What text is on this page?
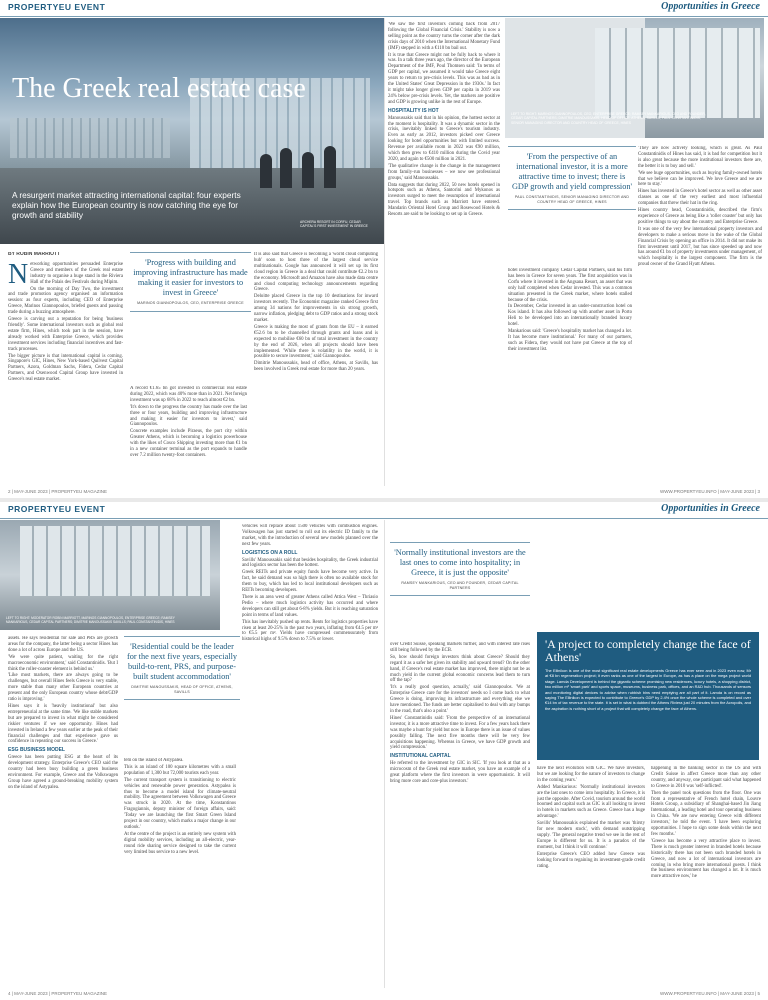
PROPERTYEU EVENT	Opportunities in Greece
The Greek real estate case
A resurgent market attracting international capital: four experts explain how the European country is now catching the eye for growth and stability
ARCHERA RESORT IN CORFU, CEDAR CAPITAL'S FIRST INVESTMENT IN GREECE
BY ROBIN MARRIOTT

Networking opportunities persuaded Enterprise Greece and members of the Greek real estate industry to organise a huge stand in the Riviera Hall of the Palais des Festivals during Mipim.

On the morning of Day Two, the investment and trade promotion agency organised an information session: as four experts, including CEO of Enterprise Greece, Marinos Giannopoulos, briefed guests and passing trade during a buzzing atmosphere.

Greece is carving out a reputation for being 'business friendly'. Some international investors such as global real estate firm, Hines, which took part in the session, have already worked with Enterprise Greece, which provides investment services including financial incentives and fast-track processes.

The bigger picture is that international capital is coming. Singapore's GIC, Hines, New York-based Quilvest Capital Partners, Azora, Goldman Sachs, Fidera, Cedar Capital Partners, and Oxenwood Capital Group have invested in Greece's real estate market.

'Progress with building and improving infrastructure has made making it easier for investors to invest in Greece'
MARINOS GIANNOPOULOS, CEO, ENTERPRISE GREECE

A record €1.65 bn got invested in commercial real estate during 2022, which was 40% more than in 2021. Net foreign investment was up 68% in 2022 to reach almost €2 bn.

'It's down to the progress the country has made over the last three or four years, building and improving infrastructure and making it easier for investors to invest,' said Giannopoulos.

Concrete examples include Piraeus, the port city within Greater Athens, which is becoming a logistics powerhouse with the likes of Cosco Shipping investing more than €1 bn in a new container terminal as the port expands to handle over 7.2 million twenty-foot containers.

It is also said that Greece is becoming a 'world cloud computing hub' soon to host three of the largest cloud service multinationals. Google has announced it will set up its first cloud region in Greece in a deal that could contribute €2.2 bn to the economy. Microsoft and Amazon have also made data centre and cloud computing technology announcements regarding Greece.

Deloitte placed Greece in the top 10 destinations for inward investors recently. The Economist magazine ranked Greece first among 34 nations for improvements in six strong growth, narrow inflation, pledging debt to GDP ratios and a strong stock market.

Greece is making the most of grants from the EU – it earned €52.6 bn to be channelled through grants and loans and is expected to mobilise €60 bn of total investment in the country by the end of 2026, when all projects should have been implemented. 'While there is volatility in the world, it is possible to secure investment,' said Giannopoulos.

Dimitrie Manoussakis, head of office, Athens, at Savills, has been involved in Greek real estate for more than 20 years.

LEFT TO RIGHT: MARINOS GIANNOPOULOS, CEO, ENTERPRISE GREECE; RAMSEY MANKARIOUS, CEO AND FOUNDER, CEDAR CAPITAL PARTNERS; DIMITRIE MANOUSSAKIS, HEAD OF OFFICE, ATHENS, SAVILLS; PAUL CONSTANTINIDIS, SENIOR MANAGING DIRECTOR AND COUNTRY HEAD OF GREECE, HINES

'We saw the first investors coming back from 2017 following the Global Financial Crisis.' Stability is now a selling point as the country turns the corner after the dark crisis days of 2010 when the International Monetary Fund (IMF) stepped in with a €110 bn bail out.

It is true that Greece might not be fully back to where it was. In a talk three years ago, the director of the European Department of the IMF, Poul Thomsen said: 'In terms of GDP per capital, we assumed it would take Greece eight years to return to pre-crisis levels. This was as bad as in the United States' Great Depression in the 1930s.' In fact it might take longer given GDP per capita in 2019 was 24% below pre-crisis levels. Yet, the markers are positive and GDP is growing unlike in the rest of Europe.

HOSPITALITY IS HOT

Manoussakis said that in his opinion, the hottest sector at the moment is hospitality. It was a dynamic sector in the crisis, inevitably linked to Greece's tourism industry. Even as early as 2012, investors picked over Greece looking for hotel opportunities but with limited success. Revenue per available room in 2022 was €90 million, which then grew to €410 million during the Covid year 2020, and again to €500 million in 2021.

'The qualitative change is the change in the management from family-run businesses – we now see professional groups,' said Manoussakis.

Data suggests that during 2022, 50 new hotels opened in hotspots such as Athens, Santorini and Mykonos as investors surged to meet the resumption of international travel. Top brands such as Marriott have entered. Mandarin Oriental Hotel Group and Rosewood Hotels & Resorts are said to be looking to set up in Greece.

'From the perspective of an international investor, it is a more attractive time to invest; there is GDP growth and yield compression'
PAUL CONSTANTINIDIS, SENIOR MANAGING DIRECTOR AND COUNTRY HEAD OF GREECE, HINES

hotel investment company Cedar Capital Partners, said his firm has been in Greece for seven years. The first acquisition was in Corfu where it invested in the Angsana Resort, an asset that was only half completed when Cedar invested. This was a common situation presented in the Greek market, where hotels stalled because of the crisis.

In December, Cedar invested in an under-construction hotel on Kos island. It has also followed up with another asset in Porto Heli to be developed into an internationally branded luxury hotel.

Mankarious said: 'Greece's hospitality market has changed a lot. It has become more institutional.' For many of our partners, such as Fidera, they would not have put Greece at the top of their investment list.

'They are now actively looking, which is great. As Paul Constantinidis of Hines has said, it is bad for competition but it is also great because the more institutional investors there are, the better it is to buy and sell.'

'We see huge opportunities, such as buying family-owned hotels that we believe can be improved. We love Greece and we are here to stay.'

Hines has invested in Greece's hotel sector as well as other asset classes as one of the very earliest and most influential companies that threw their hat in the ring.

Hines country head, Constantinidis, described the firm's experience of Greece as being like a 'roller coaster' but only has positive things to say about the country and Enterprise Greece.

It was one of the very few international property investors and developers to make a serious move in the wake of the Global Financial Crisis by opening an office in 2014. It did not make its first investment until 2017, but has since speeded up and now has around €1 bn of property investments under management, of which hospitality is the largest component. The firm is the proud owner of the Grand Hyatt Athens.

2 | MAY-JUNE 2023 | PROPERTYEU MAGAZINE	WWW.PROPERTYEU.INFO | MAY-JUNE 2023 | 3
PROPERTYEU EVENT	Opportunities in Greece
LEFT TO RIGHT: MODERATOR ROBIN MARRIOTT, MARINOS GIANNOPOULOS, ENTERPRISE GREECE; RAMSEY MANKARIOUS, CEDAR CAPITAL PARTNERS; DIMITRIE MANOUSSAKIS SAVILLS; PAUL CONSTANTINIDIS, HINES

assets. He says residential for sale and PRS are growth areas for the company, the latter being a sector Hines has done a lot of across Europe and the US.

'We were quite patient, waiting for the right macroeconomic environment,' said Constantinidis. 'But I think the roller-coaster element is behind us.'

'Like most markets, there are always going to be challenges, but overall Hines feels Greece is very stable, more stable than many other European countries at present and the only European country whose debt/GDP ratio is improving.'

Hines says it is 'heavily institutional' but also entrepreneurial at the same time. 'We like stable markets but are prepared to invest in what might be considered riskier ventures if we see opportunity. Hines had invested in Ireland a few years earlier at the peak of their financial challenges and that experience gave us confidence in repeating our success in Greece.'

ESG BUSINESS MODEL

Greece has been putting ESG at the heart of its development strategy. Enterprise Greece's CEO said the country had been busy building a green business environment. For example, Greece and the Volkswagen Group have agreed a ground-breaking mobility system on the island of Astypalea.

'Residential could be the leader for the next five years, especially build-to-rent, PRS, and purpose-built student accommodation'
DIMITRIE MANOUSSAKIS, HEAD OF OFFICE, ATHENS, SAVILLS

tem on the island of Astypalea.

This is an island of 100 square kilometres with a small population of 1,300 but 72,000 tourists each year.

The current transport system is transitioning to electric vehicles and renewable power generation. Astypalea is thus to become a model island for climate-neutral mobility. The agreement between Volkswagen and Greece was struck in 2020. At the time, Konstantinos Fragogiannis, deputy minister of foreign affairs, said: 'Today we are launching the first Smart Green Island project in our country, which marks a major change in our outlook.'

At the centre of the project is an entirely new system with digital mobility services, including an all-electric, year-round ride sharing service designed to take the current very limited bus service to a new level.

vehicles will replace about 1500 vehicles with combustion engines. Volkswagen has just started to roll out its electric ID family to the market, with the introduction of several new models planned over the next few years.

LOGISTICS ON A ROLL

Savills' Manoussakis said that besides hospitality, the Greek industrial and logistics sector has been the hottest.

Greek REITs and private equity funds have become very active. In fact, he said demand was so high there is often no available stock for them to buy, which has led to local institutional developers such as REITs becoming developers.

There is an area west of greater Athens called Attica West – Thriasio Pedio – where much logistics activity has occurred and where developers can still get about 6-8% yields. But it is reaching saturation point in terms of land values.

This has inevitably pushed up rents. Rents for logistics properties have risen at least 20-25% in the past two years, inflating from €4.5 per m² to €5.5 per m². Yields have compressed commensurately from historical highs of 9.5% down to 7.5% or lower.

'Normally institutional investors are the last ones to come into hospitality; in Greece, it is just the opposite'
RAMSEY MANKARIOUS, CEO AND FOUNDER, CEDAR CAPITAL PARTNERS

over Credit Suisse, speaking markets further, and with interest rate rises still being followed by the ECB.

So, how should foreign investors think about Greece? Should they regard it as a safer bet given its stability and upward trend? On the other hand, if Greece's real estate market has improved, there might not be as much yield in the current global economic concerns lead them to turn off the tap?

'It's a really good question, actually,' said Giannopoulos. 'We at Enterprise Greece care for the investors' needs so I come back to what Greece is doing, improving its infrastructure and everything else we have mentioned. The funds are better capitalised to deal with any bumps in the road, that's also a point.'

Hines' Constantinidis said: 'From the perspective of an international investor, it is a more attractive time to invest. For a few years back there was maybe a hunt for yield but now in Europe there is an issue of values possibly falling. The next five months there will be very few acquisitions happening. Whereas in Greece, we have GDP growth and yield compression.'

INSTITUTIONAL CAPITAL

He referred to the investment by GIC in SIC. 'If you look at that as a microcosm of the Greek real estate market, you have an example of a great platform where the first investors in were opportunistic. It will bring more core and core-plus investors.'

'A project to completely change the face of Athens'
The Ellinikon is one of the most significant real estate developments Greece has ever seen and in 2023 even now, Mr at €8 bn regeneration project; it even ranks as one of the largest in Europe, as has a place on the mega project world stage. Lamda Development is behind the gigantic scheme promising new residences, luxury hotels, a shopping district, two million m² 'smart park' and sports space, museums, business park, offices, and an R&D hub. Thousands of sensors and monitoring digital devices to advise when rubbish bins need emptying are all part of it. Lamda is on record as saying The Ellinikon is expected to contribute to Greece's GDP by 2.4% once the whole scheme is completed and over €14 bn of tax revenue to the state. It is set in what is dubbed the Athens Riviera just 20 minutes from the Acropolis, and the aspiration is nothing short of a project that will completely change the face of Athens.

have the next evolution with GIC. We have investors, but we are looking for the nature of investors to change in the coming years.'

Added Mankarious: 'Normally institutional investors are the last ones to come into hospitality. In Greece, it is just the opposite. After Covid, tourism around the world boomed and capital such as GIC is all looking to invest in hotels in markets such as Greece. Greece has a huge advantage.'

Savills' Manoussakis explained the market was 'thirsty for new modern stock', with demand outstripping supply. 'The general negative trend we see in the rest of Europe is different for us. It is a paradox of the moment, but I think it will continue.'

Enterprise Greece's CEO added how Greece was looking forward to regaining its investment-grade credit rating.

happening in the banking sector in the US and with Credit Suisse in affect Greece more than any other country, and anyway, one participant said what happened to Greece in 2010 was 'self-inflicted'.

Then the panel took questions from the floor. One was from a representative of French hotel chain, Louvre Hotels Group, a subsidiary of Shanghai-based Jin Jiang International, a leading hotel and tour operating business in China. 'We are now entering Greece with different investors,' he told the event. 'I have been exploring opportunities. I hope to sign some deals within the next few months.'

'Greece has become a very attractive place to invest. There is much greater interest in branded hotels because historically there has not been such branded hotels in Greece, and now a lot of international investors are coming in who bring more international guests. I think the business environment has changed a lot. It is much more attractive now,' he

4 | MAY-JUNE 2023 | PROPERTYEU MAGAZINE	WWW.PROPERTYEU.INFO | MAY-JUNE 2023 | 5
